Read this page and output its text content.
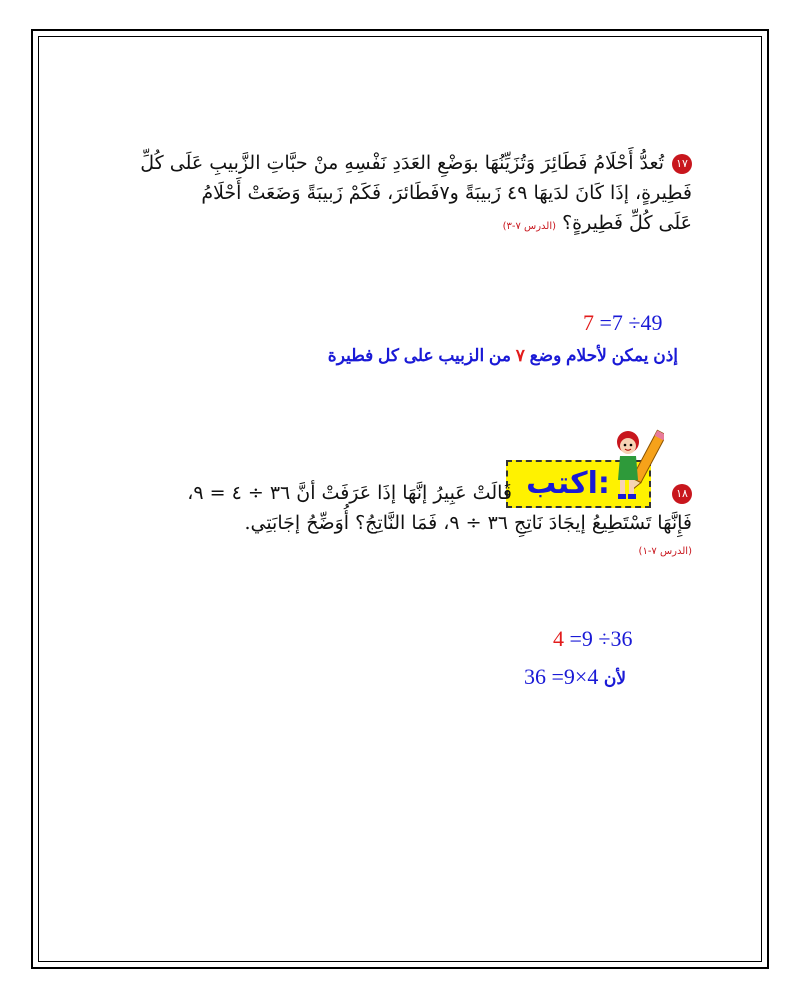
١٧تُعدُّ أَحْلَامُ فَطَائِرَ وَتُزَيِّنُهَا بوَضْعِ العَدَدِ نَفْسِهِ منْ حبَّاتِ الزَّبيبِ عَلَى كُلِّ
فَطِيرةٍ، إذَا كَانَ لدَيهَا ٤٩ زَبيبَةً و٧فَطَائرَ، فَكَمْ زَبيبَةً وَضَعَتْ أَحْلَامُ
عَلَى كُلِّ فَطِيرةٍ؟ (الدرس ٧-٣)
7 =7 ÷49
إذن يمكن لأحلام وضع ٧ من الزبيب على كل فطيرة
اكتب:	١٨قَالَتْ عَبِيرُ إنَّهَا إذَا عَرَفَتْ أنَّ ٣٦ ÷ ٤ = ٩،
فَإِنَّهَا تَسْتَطِيعُ إيجَادَ نَاتِجِ ٣٦ ÷ ٩، فَمَا النَّاتِجُ؟ أُوَضِّحُ إجَابَتِي.
(الدرس ٧-١)
4 =9 ÷36
36 =9×4 لأن
